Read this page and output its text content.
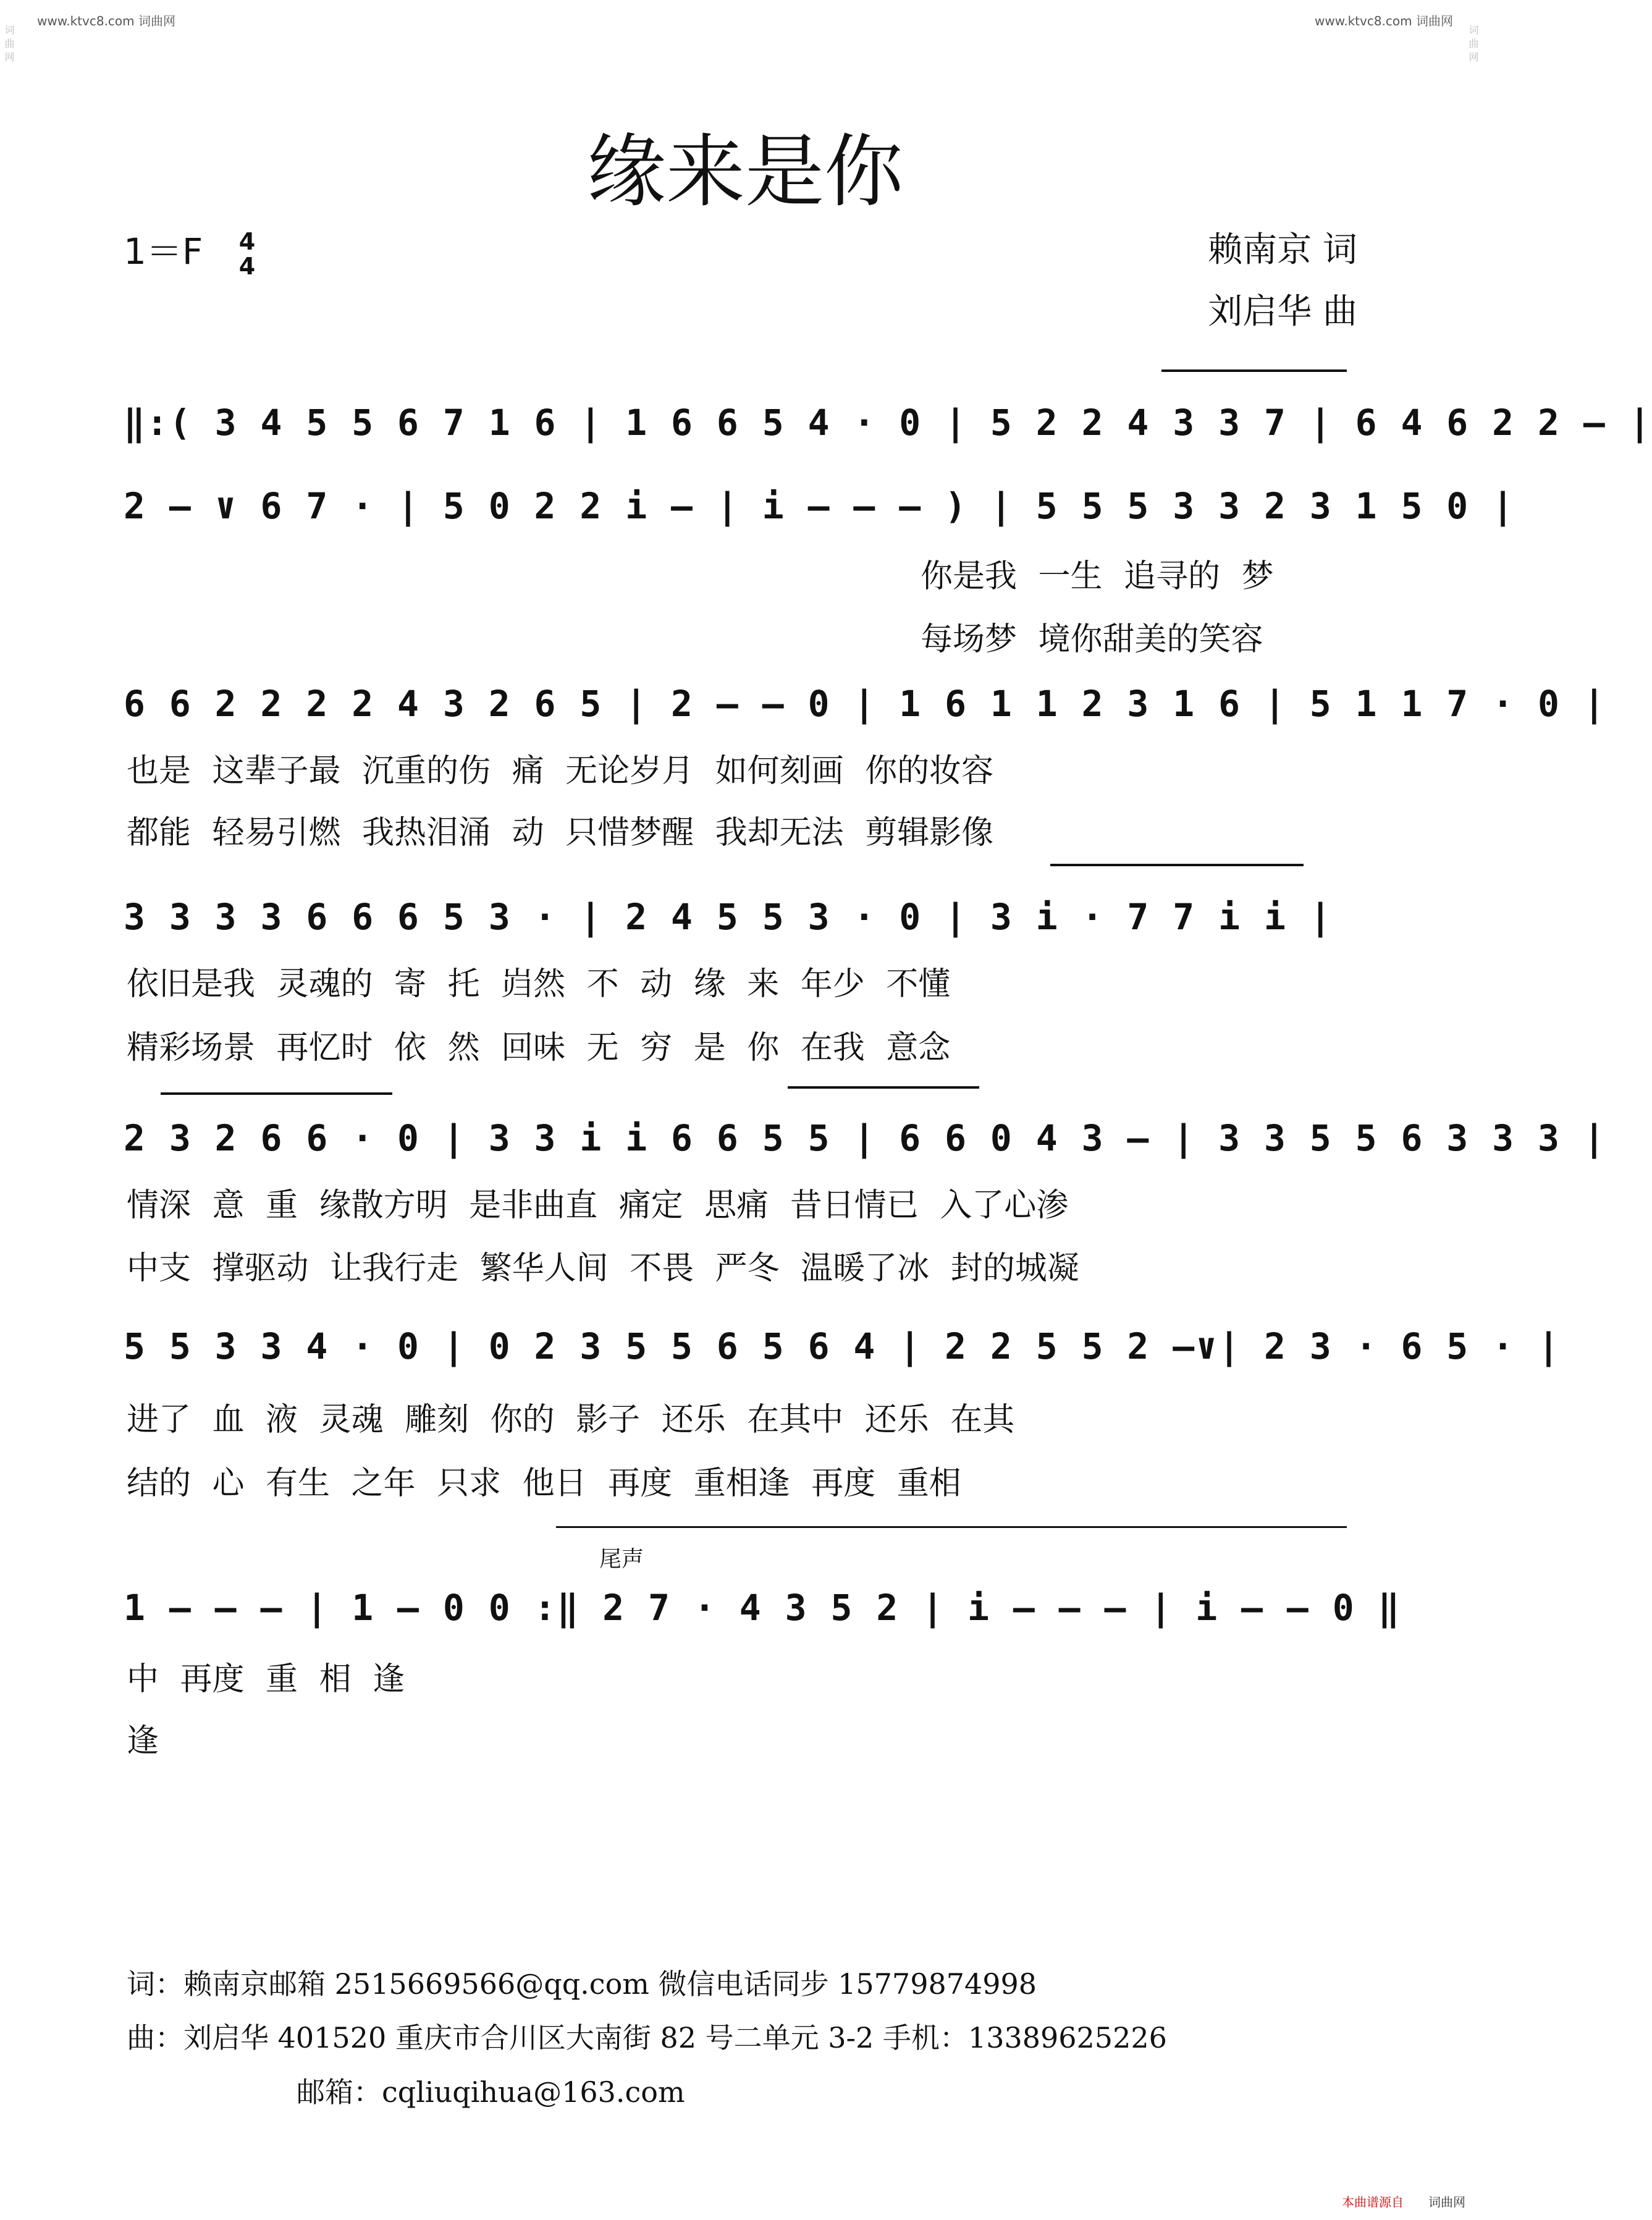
www.ktvc8.com 词曲网	www.ktvc8.com 词曲网
词曲网	词曲网
缘来是你
1＝F 4
4	赖南京 词
刘启华 曲
‖:( 3 4 5 5 6 7 1 6 | 1 6 6 5 4 · 0 | 5 2 2 4 3 3 7 | 6 4 6 2 2 – |
2 – ∨ 6 7 · | 5 0 2 2 i – | i – – – ) | 5 5 5 3 3 2 3 1 5 0 |
你是我 一生 追寻的 梦
每场梦 境你甜美的笑容
6 6 2 2 2 2 4 3 2 6 5 | 2 – – 0 | 1 6 1 1 2 3 1 6 | 5 1 1 7 · 0 |
也是 这辈子最 沉重的伤 痛 无论岁月 如何刻画 你的妆容
都能 轻易引燃 我热泪涌 动 只惜梦醒 我却无法 剪辑影像
3 3 3 3 6 6 6 5 3 · | 2 4 5 5 3 · 0 | 3 i · 7 7 i i |
依旧是我 灵魂的 寄 托 岿然 不 动 缘 来 年少 不懂
精彩场景 再忆时 依 然 回味 无 穷 是 你 在我 意念
2 3 2 6 6 · 0 | 3 3 i i 6 6 5 5 | 6 6 0 4 3 – | 3 3 5 5 6 3 3 3 |
情深 意 重 缘散方明 是非曲直 痛定 思痛 昔日情已 入了心渗
中支 撑驱动 让我行走 繁华人间 不畏 严冬 温暖了冰 封的城凝
5 5 3 3 4 · 0 | 0 2 3 5 5 6 5 6 4 | 2 2 5 5 2 –∨| 2 3 · 6 5 · |
进了 血 液 灵魂 雕刻 你的 影子 还乐 在其中 还乐 在其
结的 心 有生 之年 只求 他日 再度 重相逢 再度 重相
尾声
1 – – – | 1 – 0 0 :‖ 2 7 · 4 3 5 2 | i – – – | i – – 0 ‖
中 再度 重 相 逢
逢
词：赖南京邮箱 2515669566@qq.com 微信电话同步 15779874998
曲：刘启华 401520 重庆市合川区大南街 82 号二单元 3-2 手机：13389625226
邮箱：cqliuqihua@163.com
本曲谱源自 词曲网
